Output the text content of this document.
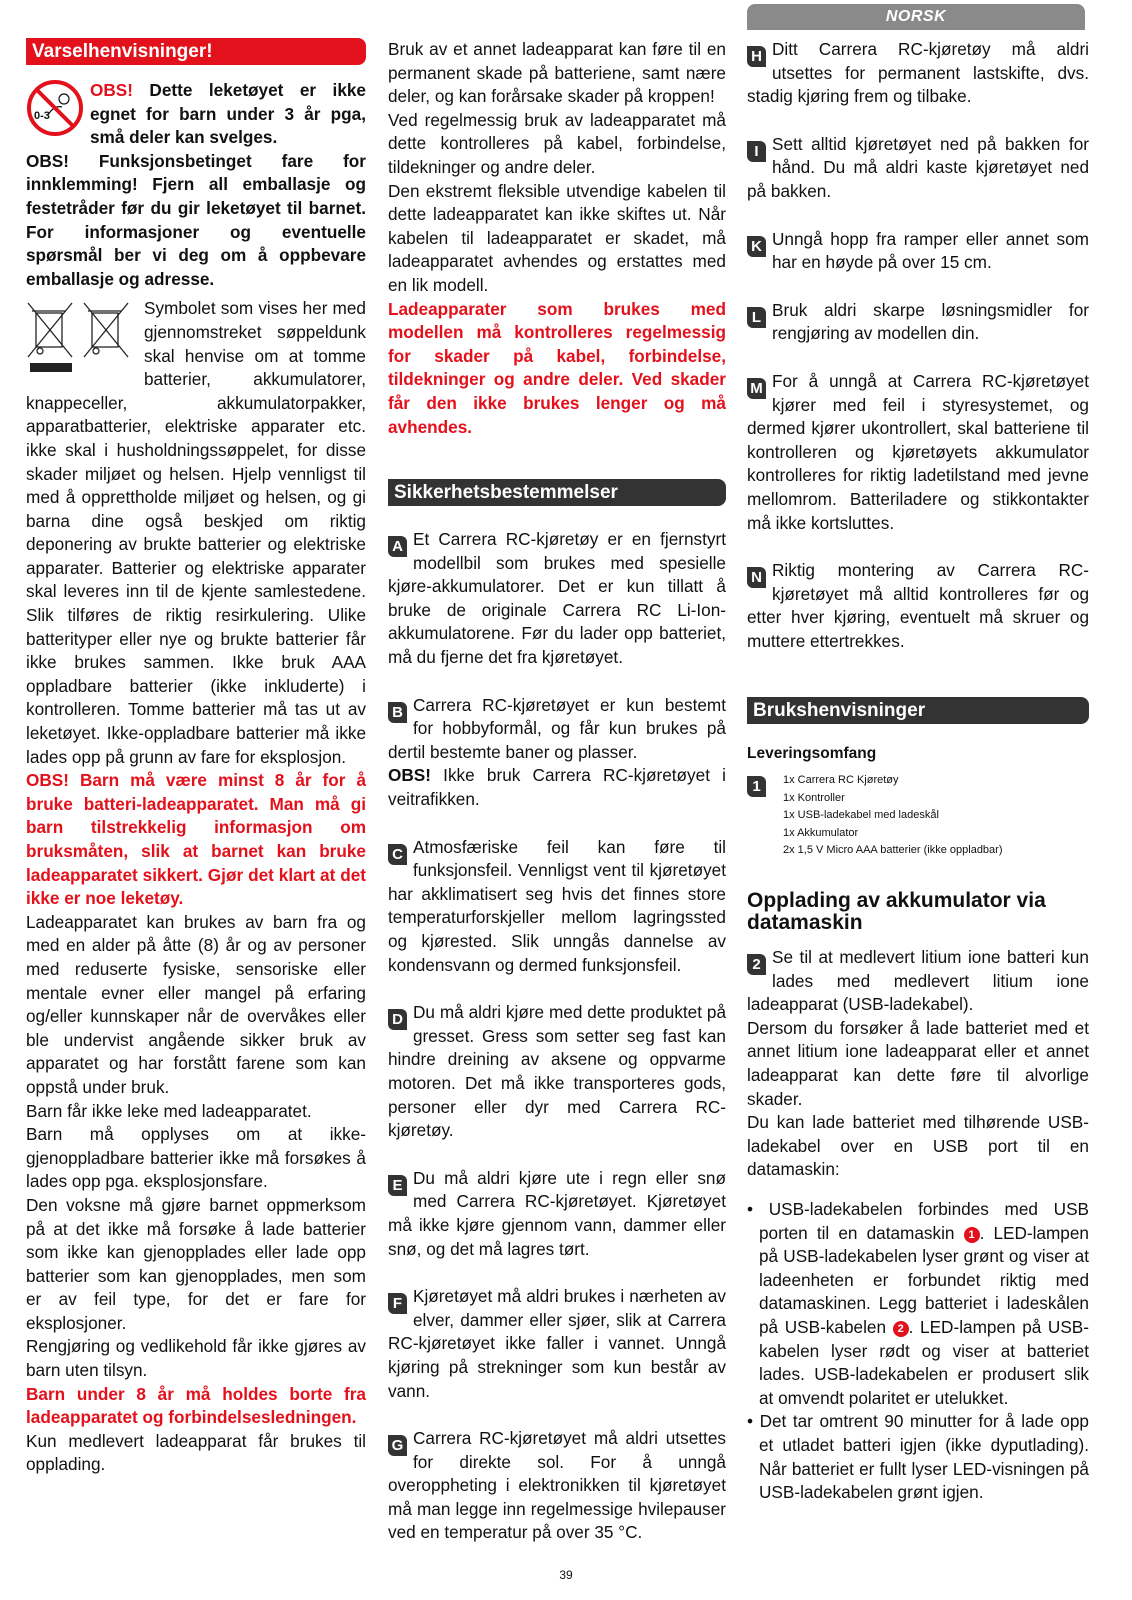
NORSK
Varselhenvisninger!
0-3

OBS! Dette leketøyet er ikke egnet for barn under 3 år pga, små deler kan svelges.

OBS! Funksjonsbetinget fare for innklemming! Fjern all emballasje og festetråder før du gir leketøyet til barnet. For informasjoner og eventuelle spørsmål ber vi deg om å oppbevare emballasje og adresse.

Symbolet som vises her med gjennomstreket søppeldunk skal henvise om at tomme batterier, akkumulatorer, knappeceller, akkumulatorpakker, apparatbatterier, elektriske apparater etc. ikke skal i husholdningssøppelet, for disse skader miljøet og helsen. Hjelp vennligst til med å opprettholde miljøet og helsen, og gi barna dine også beskjed om riktig deponering av brukte batterier og elektriske apparater. Batterier og elektriske apparater skal leveres inn til de kjente samlestedene. Slik tilføres de riktig resirkulering. Ulike batterityper eller nye og brukte batterier får ikke brukes sammen. Ikke bruk AAA oppladbare batterier (ikke inkluderte) i kontrolleren. Tomme batterier må tas ut av leketøyet. Ikke-oppladbare batterier må ikke lades opp på grunn av fare for eksplosjon.

OBS! Barn må være minst 8 år for å bruke batteri-ladeapparatet. Man må gi barn tilstrekkelig informasjon om bruksmåten, slik at barnet kan bruke ladeapparatet sikkert. Gjør det klart at det ikke er noe leketøy.

Ladeapparatet kan brukes av barn fra og med en alder på åtte (8) år og av personer med reduserte fysiske, sensoriske eller mentale evner eller mangel på erfaring og/eller kunnskaper når de overvåkes eller ble undervist angående sikker bruk av apparatet og har forstått farene som kan oppstå under bruk.

Barn får ikke leke med ladeapparatet.

Barn må opplyses om at ikke-gjenoppladbare batterier ikke må forsøkes å lades opp pga. eksplosjonsfare.

Den voksne må gjøre barnet oppmerksom på at det ikke må forsøke å lade batterier som ikke kan gjenopplades eller lade opp batterier som kan gjenopplades, men som er av feil type, for det er fare for eksplosjoner.

Rengjøring og vedlikehold får ikke gjøres av barn uten tilsyn.

Barn under 8 år må holdes borte fra ladeapparatet og forbindelsesledningen.

Kun medlevert ladeapparat får brukes til opplading.

Bruk av et annet ladeapparat kan føre til en permanent skade på batteriene, samt nære deler, og kan forårsake skader på kroppen!

Ved regelmessig bruk av ladeapparatet må dette kontrolleres på kabel, forbindelse, tildekninger og andre deler.

Den ekstremt fleksible utvendige kabelen til dette ladeapparatet kan ikke skiftes ut. Når kabelen til ladeapparatet er skadet, må ladeapparatet avhendes og erstattes med en lik modell.

Ladeapparater som brukes med modellen må kontrolleres regelmessig for skader på kabel, forbindelse, tildekninger og andre deler. Ved skader får den ikke brukes lenger og må avhendes.

Sikkerhetsbestemmelser
A Et Carrera RC-kjøretøy er en fjernstyrt modellbil som brukes med spesielle kjøre-akkumulatorer. Det er kun tillatt å bruke de originale Carrera RC Li-Ion-akkumulatorene. Før du lader opp batteriet, må du fjerne det fra kjøretøyet.

B Carrera RC-kjøretøyet er kun bestemt for hobbyformål, og får kun brukes på dertil bestemte baner og plasser.

OBS! Ikke bruk Carrera RC-kjøretøyet i veitrafikken.

C Atmosfæriske feil kan føre til funksjonsfeil. Vennligst vent til kjøretøyet har akklimatisert seg hvis det finnes store temperaturforskjeller mellom lagringssted og kjørested. Slik unngås dannelse av kondensvann og dermed funksjonsfeil.

D Du må aldri kjøre med dette produktet på gresset. Gress som setter seg fast kan hindre dreining av aksene og oppvarme motoren. Det må ikke transporteres gods, personer eller dyr med Carrera RC- kjøretøy.

E Du må aldri kjøre ute i regn eller snø med Carrera RC-kjøretøyet. Kjøretøyet må ikke kjøre gjennom vann, dammer eller snø, og det må lagres tørt.

F Kjøretøyet må aldri brukes i nærheten av elver, dammer eller sjøer, slik at Carrera RC-kjøretøyet ikke faller i vannet. Unngå kjøring på strekninger som kun består av vann.

G Carrera RC-kjøretøyet må aldri utsettes for direkte sol. For å unngå overoppheting i elektronikken til kjøretøyet må man legge inn regelmessige hvilepauser ved en temperatur på over 35 °C.

H Ditt Carrera RC-kjøretøy må aldri utsettes for permanent lastskifte, dvs. stadig kjøring frem og tilbake.

I Sett alltid kjøretøyet ned på bakken for hånd. Du må aldri kaste kjøretøyet ned på bakken.

K Unngå hopp fra ramper eller annet som har en høyde på over 15 cm.

L Bruk aldri skarpe løsningsmidler for rengjøring av modellen din.

M For å unngå at Carrera RC-kjøretøyet kjører med feil i styresystemet, og dermed kjører ukontrollert, skal batteriene til kontrolleren og kjøretøyets akkumulator kontrolleres for riktig ladetilstand med jevne mellomrom. Batteriladere og stikkontakter må ikke kortsluttes.

N Riktig montering av Carrera RC-kjøretøyet må alltid kontrolleres før og etter hver kjøring, eventuelt må skruer og muttere ettertrekkes.

Brukshenvisninger
Leveringsomfang
1	1x Carrera RC Kjøretøy
1x Kontroller
1x USB-ladekabel med ladeskål
1x Akkumulator
2x 1,5 V Micro AAA batterier (ikke oppladbar)
Opplading av akkumulator via datamaskin
2 Se til at medlevert litium ione batteri kun lades med medlevert litium ione ladeapparat (USB-ladekabel).

Dersom du forsøker å lade batteriet med et annet litium ione ladeapparat eller et annet ladeapparat kan dette føre til alvorlige skader.

Du kan lade batteriet med tilhørende USB-ladekabel over en USB port til en datamaskin:

• USB-ladekabelen forbindes med USB porten til en datamaskin 1 . LED-lampen på USB-ladekabelen lyser grønt og viser at ladeenheten er forbundet riktig med datamaskinen. Legg batteriet i ladeskålen på USB-kabelen 2 . LED-lampen på USB-kabelen lyser rødt og viser at batteriet lades. USB-ladekabelen er produsert slik at omvendt polaritet er utelukket.

• Det tar omtrent 90 minutter for å lade opp et utladet batteri igjen (ikke dyputlading). Når batteriet er fullt lyser LED-visningen på USB-ladekabelen grønt igjen.

39
